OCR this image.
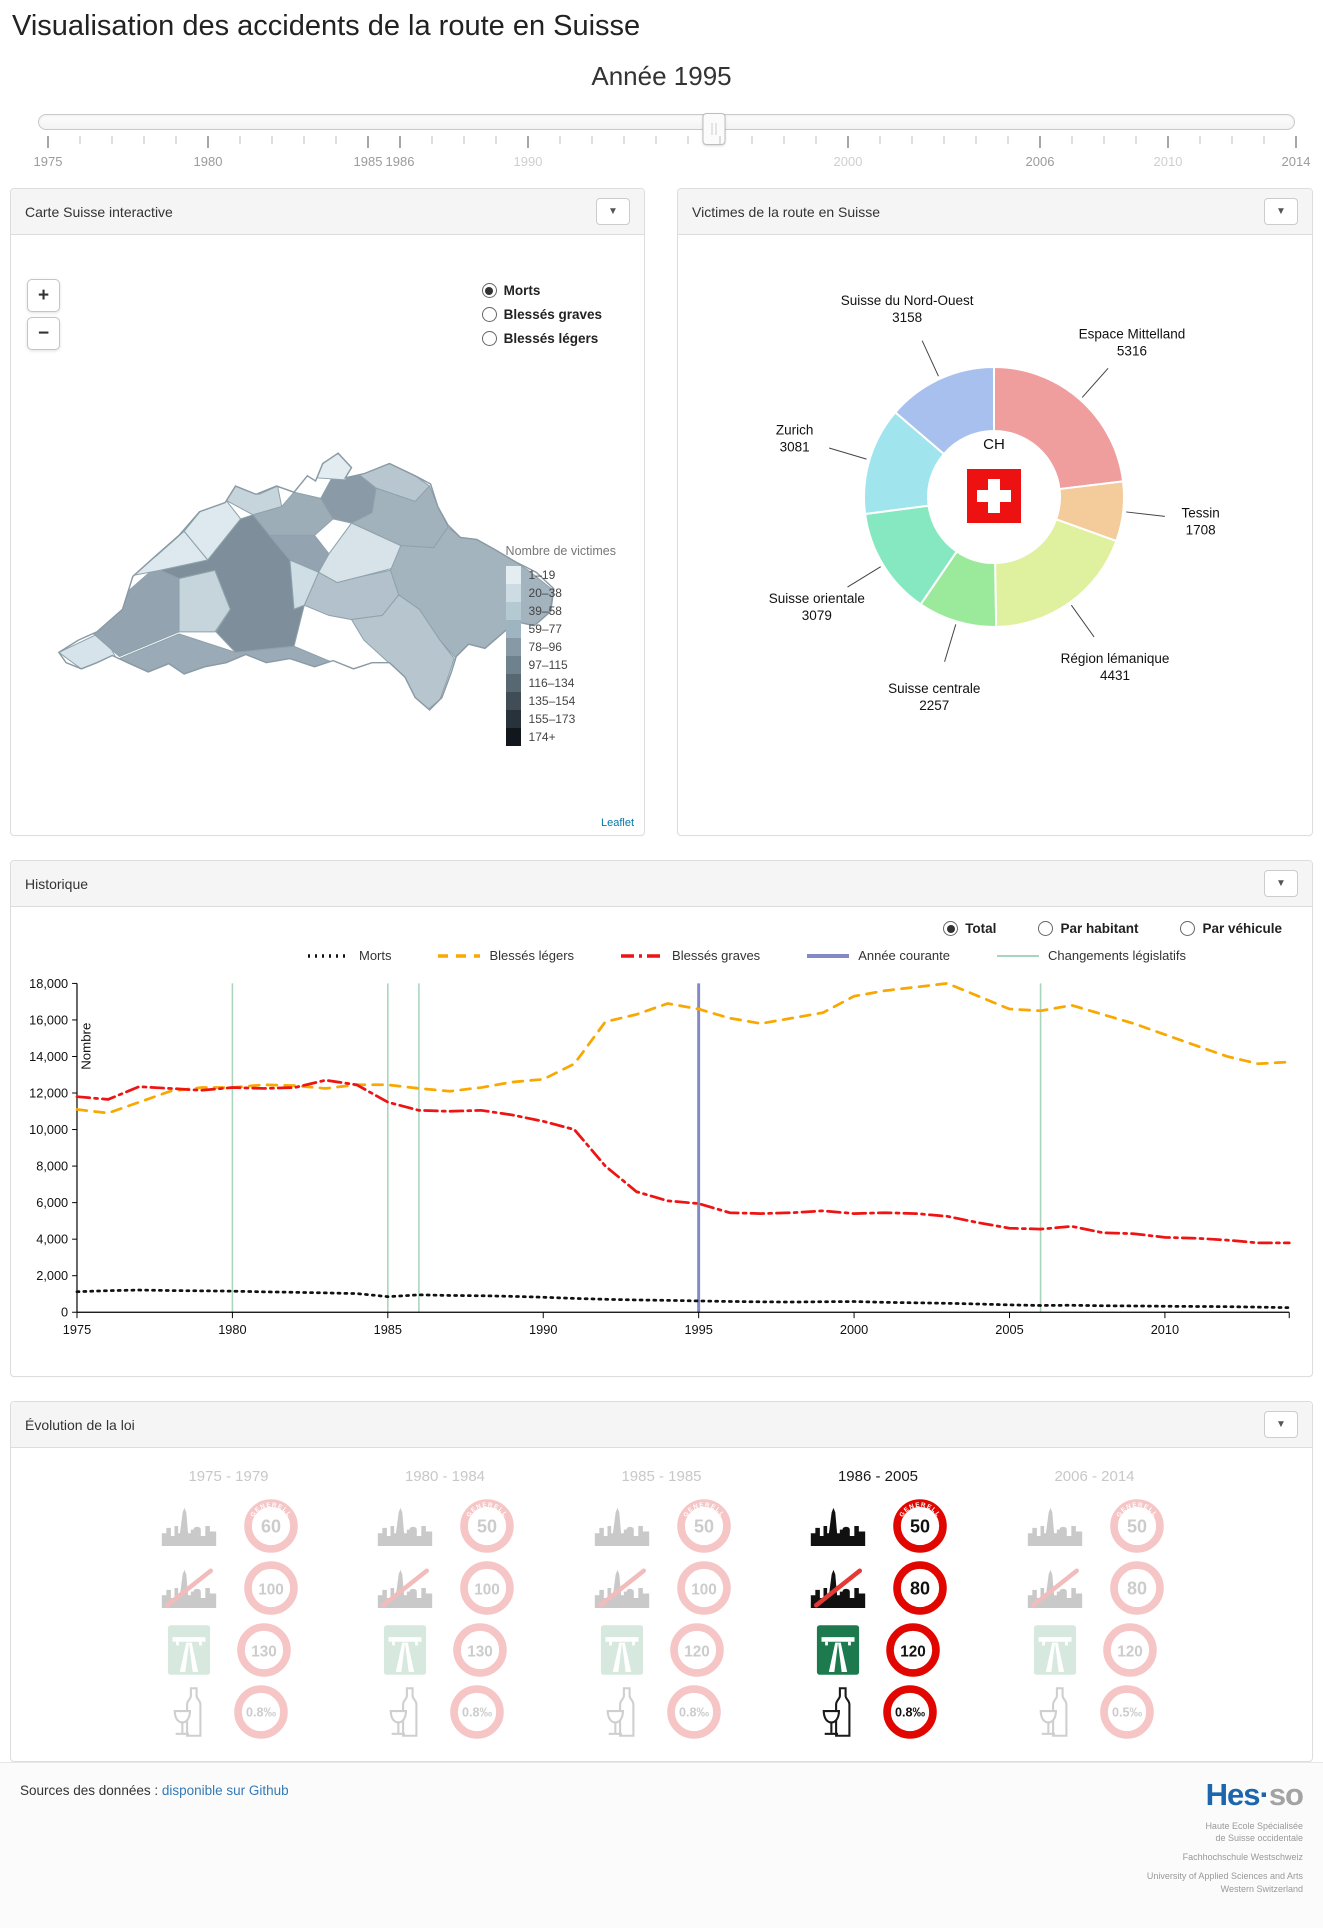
Visualisation des accidents de la route en Suisse
Année 1995
1975	1980	1985 1986	1990	2000	2006	2010	2014
Carte Suisse interactive	▼
+
−
Morts
Blessés graves
Blessés légers
Nombre de victimes
1–19
20–38
39–58
59–77
78–96
97–115
116–134
135–154
155–173
174+
Leaflet
Victimes de la route en Suisse	▼
Espace Mittelland 5316
Tessin 1708
Région lémanique 4431
Suisse centrale 2257
Suisse orientale 3079
Zurich 3081
Suisse du Nord-Ouest 3158
CH
Historique	▼
Total	Par habitant	Par véhicule
Morts	Blessés légers	Blessés graves	Année courante	Changements législatifs
0
2,000
4,000
6,000
8,000
10,000
12,000
14,000
16,000
18,000
1975	1980	1985	1990	1995	2000	2005	2010
Nombre
Évolution de la loi	▼
1975 - 1979
GENERELL
60
100
130
0.8‰
1980 - 1984
GENERELL
50
100
130
0.8‰
1985 - 1985
GENERELL
50
100
120
0.8‰
1986 - 2005
GENERELL
50
80
120
0.8‰
2006 - 2014
GENERELL
50
80
120
0.5‰
Sources des données : disponible sur Github	Hes·so
Haute Ecole Spécialisée
de Suisse occidentale
Fachhochschule Westschweiz
University of Applied Sciences and Arts
Western Switzerland
